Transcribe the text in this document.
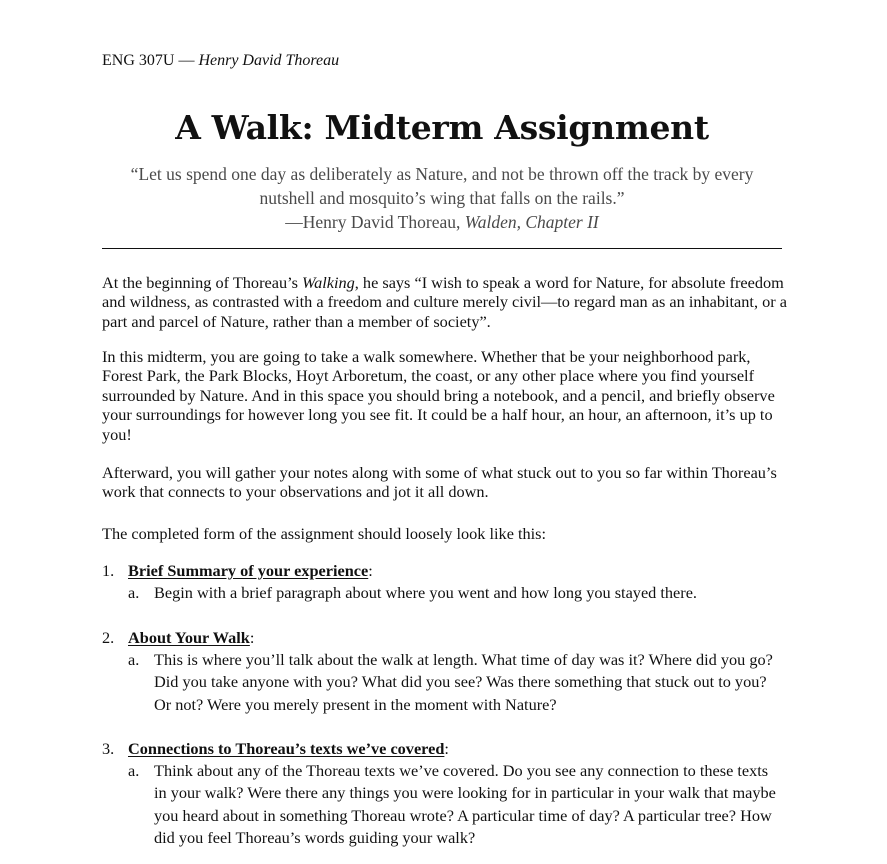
ENG 307U — Henry David Thoreau
A Walk: Midterm Assignment
“Let us spend one day as deliberately as Nature, and not be thrown off the track by every
nutshell and mosquito’s wing that falls on the rails.”
—Henry David Thoreau, Walden, Chapter II

At the beginning of Thoreau’s Walking, he says “I wish to speak a word for Nature, for absolute freedom and wildness, as contrasted with a freedom and culture merely civil—to regard man as an inhabitant, or a part and parcel of Nature, rather than a member of society”.

In this midterm, you are going to take a walk somewhere. Whether that be your neighborhood park, Forest Park, the Park Blocks, Hoyt Arboretum, the coast, or any other place where you find yourself surrounded by Nature. And in this space you should bring a notebook, and a pencil, and briefly observe your surroundings for however long you see fit. It could be a half hour, an hour, an afternoon, it’s up to you!

Afterward, you will gather your notes along with some of what stuck out to you so far within Thoreau’s work that connects to your observations and jot it all down.

The completed form of the assignment should loosely look like this:

1. Brief Summary of your experience:
a. Begin with a brief paragraph about where you went and how long you stayed there.
2. About Your Walk:
a. This is where you’ll talk about the walk at length. What time of day was it? Where did you go? Did you take anyone with you? What did you see? Was there something that stuck out to you? Or not? Were you merely present in the moment with Nature?
3. Connections to Thoreau’s texts we’ve covered:
a. Think about any of the Thoreau texts we’ve covered. Do you see any connection to these texts in your walk? Were there any things you were looking for in particular in your walk that maybe you heard about in something Thoreau wrote? A particular time of day? A particular tree? How did you feel Thoreau’s words guiding your walk?
